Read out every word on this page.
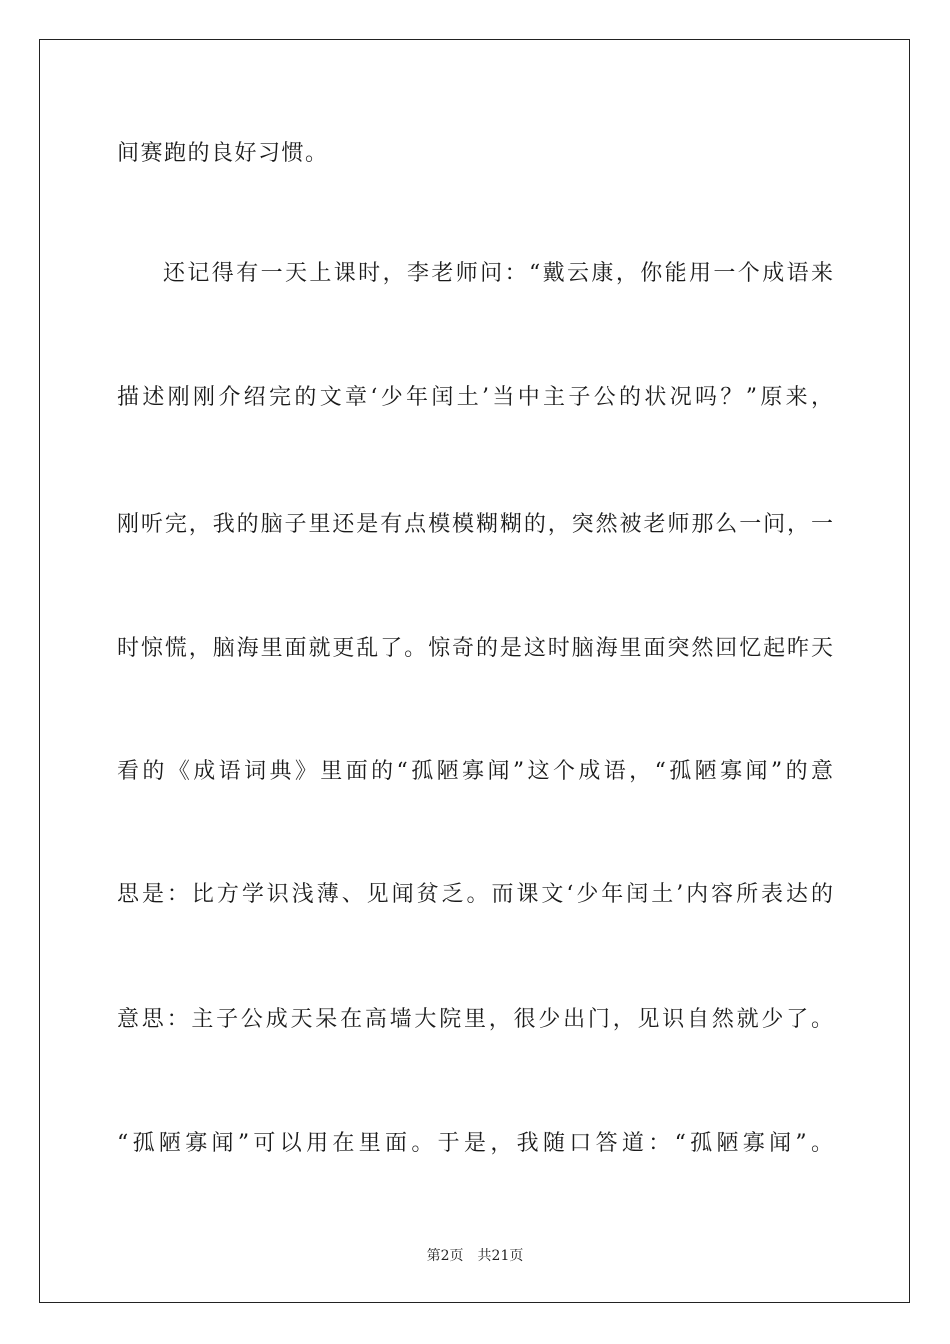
间赛跑的良好习惯。
还记得有一天上课时，李老师问：“戴云康，你能用一个成语来
描述刚刚介绍完的文章‘少年闰土’当中主子公的状况吗？”原来，
刚听完，我的脑子里还是有点模模糊糊的，突然被老师那么一问，一
时惊慌，脑海里面就更乱了。惊奇的是这时脑海里面突然回忆起昨天
看的《成语词典》里面的“孤陋寡闻”这个成语，“孤陋寡闻”的意
思是：比方学识浅薄、见闻贫乏。而课文‘少年闰土’内容所表达的
意思：主子公成天呆在高墙大院里，很少出门，见识自然就少了。
“孤陋寡闻”可以用在里面。于是，我随口答道：“孤陋寡闻”。
第2页 共21页
